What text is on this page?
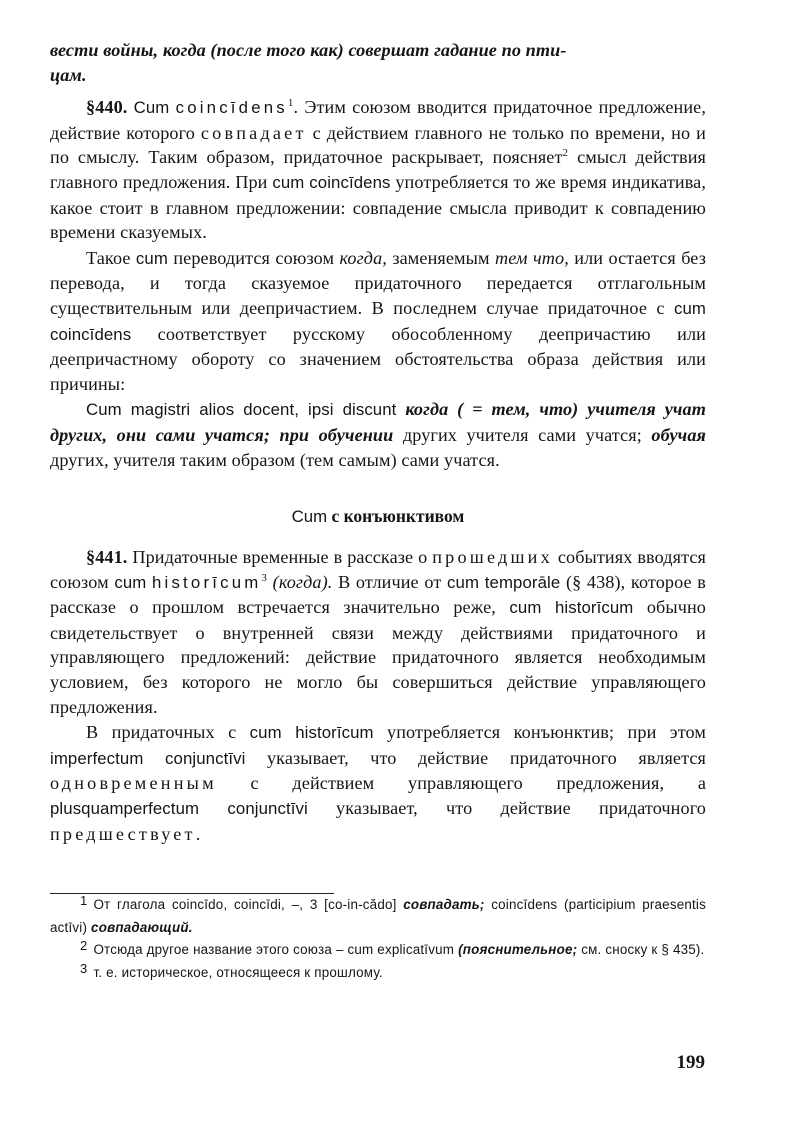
вести войны, когда (после того как) совершат гадание по пти-
цам.

§440. Cum coincīdens$^1$. Этим союзом вводится придаточное предложение, действие которого совпадает с действием главного не только по времени, но и по смыслу. Таким образом, придаточное раскрывает, поясняет$^2$ смысл действия главного предложения. При cum coincīdens употребляется то же время индикатива, какое стоит в главном предложении: совпадение смысла приводит к совпадению времени сказуемых.

Такое cum переводится союзом когда, заменяемым тем что, или остается без перевода, и тогда сказуемое придаточного передается отглагольным существительным или деепричастием. В последнем случае придаточное с cum coincīdens соответствует русскому обособленному деепричастию или деепричастному обороту со значением обстоятельства образа действия или причины:

Cum magistri alios docent, ipsi discunt когда ( = тем, что) учителя учат других, они сами учатся; при обучении других учителя сами учатся; обучая других, учителя таким образом (тем самым) сами учатся.

Cum с конъюнктивом

§441. Придаточные временные в рассказе о прошедших событиях вводятся союзом cum historīcum$^3$ (когда). В отличие от cum temporāle (§ 438), которое в рассказе о прошлом встречается значительно реже, cum historīcum обычно свидетельствует о внутренней связи между действиями придаточного и управляющего предложений: действие придаточного является необходимым условием, без которого не могло бы совершиться действие управляющего предложения.

В придаточных с cum historīcum употребляется конъюнктив; при этом imperfectum conjunctīvi указывает, что действие придаточного является одновременным с действием управляющего предложения, а plusquamperfectum conjunctīvi указывает, что действие придаточного предшествует.

1 От глагола coincīdo, coincīdi, –, 3 [co-in-cădo] совпадать; coincīdens (participium praesentis actīvi) совпадающий.

2 Отсюда другое название этого союза – cum explicatīvum (пояснительное; см. сноску к § 435).

3 т. е. историческое, относящееся к прошлому.

199
